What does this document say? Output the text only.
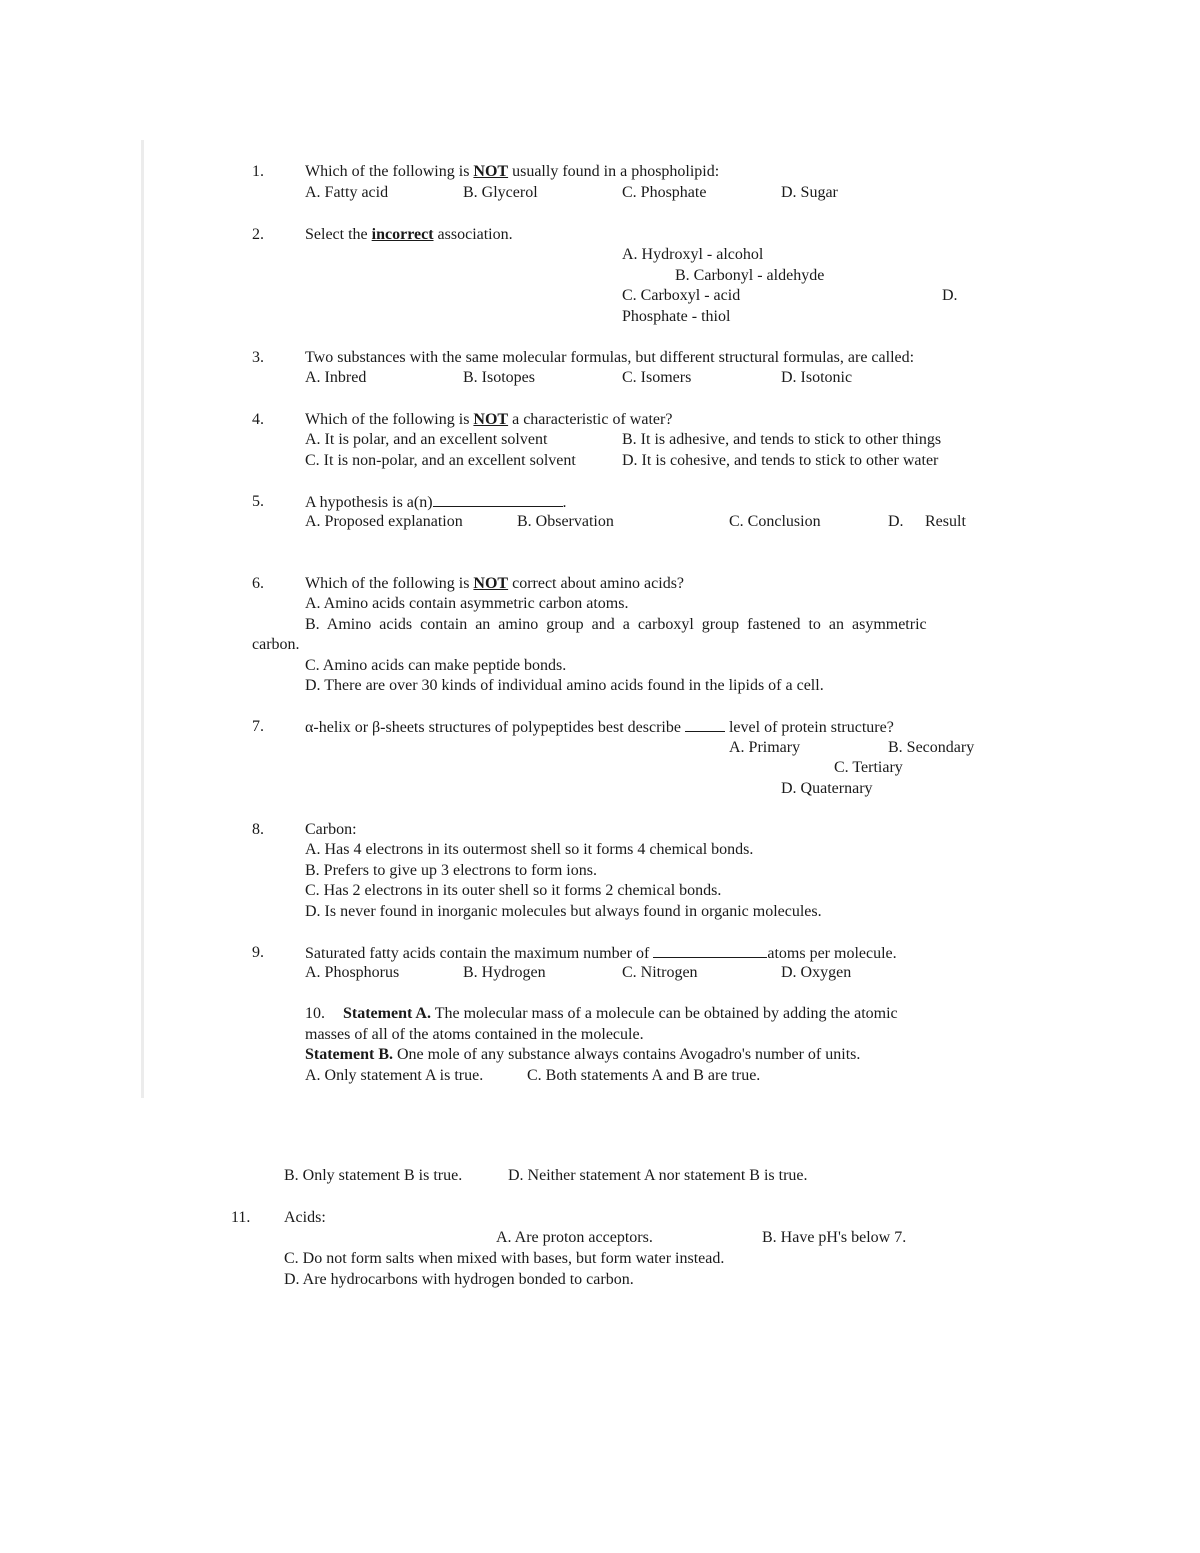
1.	Which of the following is NOT usually found in a phospholipid:
A. Fatty acid	B. Glycerol	C. Phosphate	D. Sugar
2.	Select the incorrect association.
A. Hydroxyl - alcohol
B. Carbonyl - aldehyde
C. Carboxyl - acid	D.
Phosphate - thiol
3.	Two substances with the same molecular formulas, but different structural formulas, are called:
A. Inbred	B. Isotopes	C. Isomers	D. Isotonic
4.	Which of the following is NOT a characteristic of water?
A. It is polar, and an excellent solvent	B. It is adhesive, and tends to stick to other things
C. It is non-polar, and an excellent solvent	D. It is cohesive, and tends to stick to other water
5.	A hypothesis is a(n)	.
A. Proposed explanation	B. Observation	C. Conclusion	D. Result
6.	Which of the following is NOT correct about amino acids?
A. Amino acids contain asymmetric carbon atoms.
B. Amino acids contain an amino group and a carboxyl group fastened to an asymmetric
carbon.
C. Amino acids can make peptide bonds.
D. There are over 30 kinds of individual amino acids found in the lipids of a cell.
7.	α-helix or β-sheets structures of polypeptides best describe	level of protein structure?
A. Primary	B. Secondary
C. Tertiary
D. Quaternary
8.	Carbon:
A. Has 4 electrons in its outermost shell so it forms 4 chemical bonds.
B. Prefers to give up 3 electrons to form ions.
C. Has 2 electrons in its outer shell so it forms 2 chemical bonds.
D. Is never found in inorganic molecules but always found in organic molecules.
9.	Saturated fatty acids contain the maximum number of	atoms per molecule.
A. Phosphorus	B. Hydrogen	C. Nitrogen	D. Oxygen
10. Statement A. The molecular mass of a molecule can be obtained by adding the atomic
masses of all of the atoms contained in the molecule.
Statement B. One mole of any substance always contains Avogadro's number of units.
A. Only statement A is true.	C. Both statements A and B are true.
B. Only statement B is true.	D. Neither statement A nor statement B is true.
11. Acids:
A. Are proton acceptors.	B. Have pH's below 7.
C. Do not form salts when mixed with bases, but form water instead.
D. Are hydrocarbons with hydrogen bonded to carbon.
